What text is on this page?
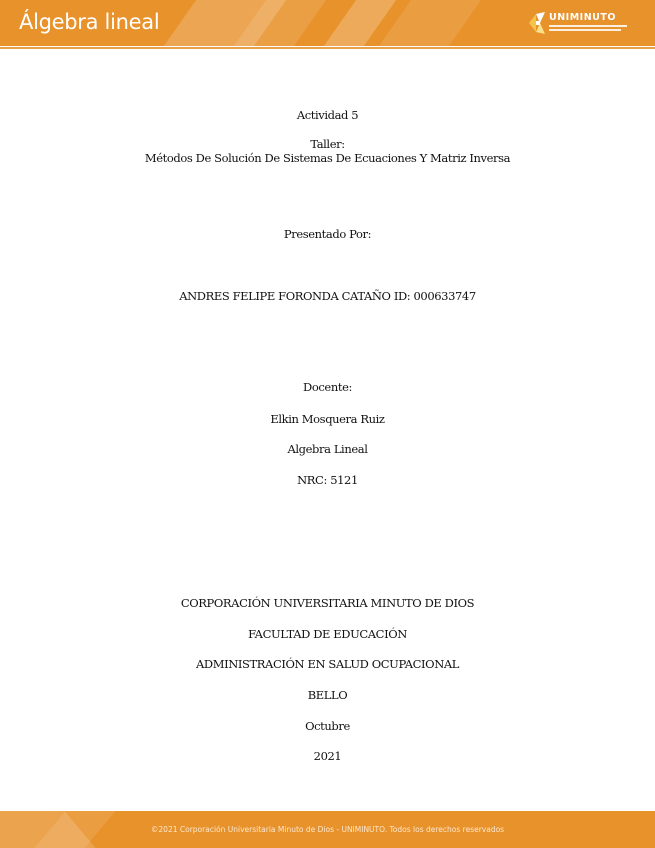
Álgebra lineal	UNIMINUTO
Actividad 5
Taller:
Métodos De Solución De Sistemas De Ecuaciones Y Matriz Inversa
Presentado Por:
ANDRES FELIPE FORONDA CATAÑO ID: 000633747
Docente:
Elkin Mosquera Ruiz
Algebra Lineal
NRC: 5121
CORPORACIÓN UNIVERSITARIA MINUTO DE DIOS
FACULTAD DE EDUCACIÓN
ADMINISTRACIÓN EN SALUD OCUPACIONAL
BELLO
Octubre
2021
©2021 Corporación Universitaria Minuto de Dios - UNIMINUTO. Todos los derechos reservados
